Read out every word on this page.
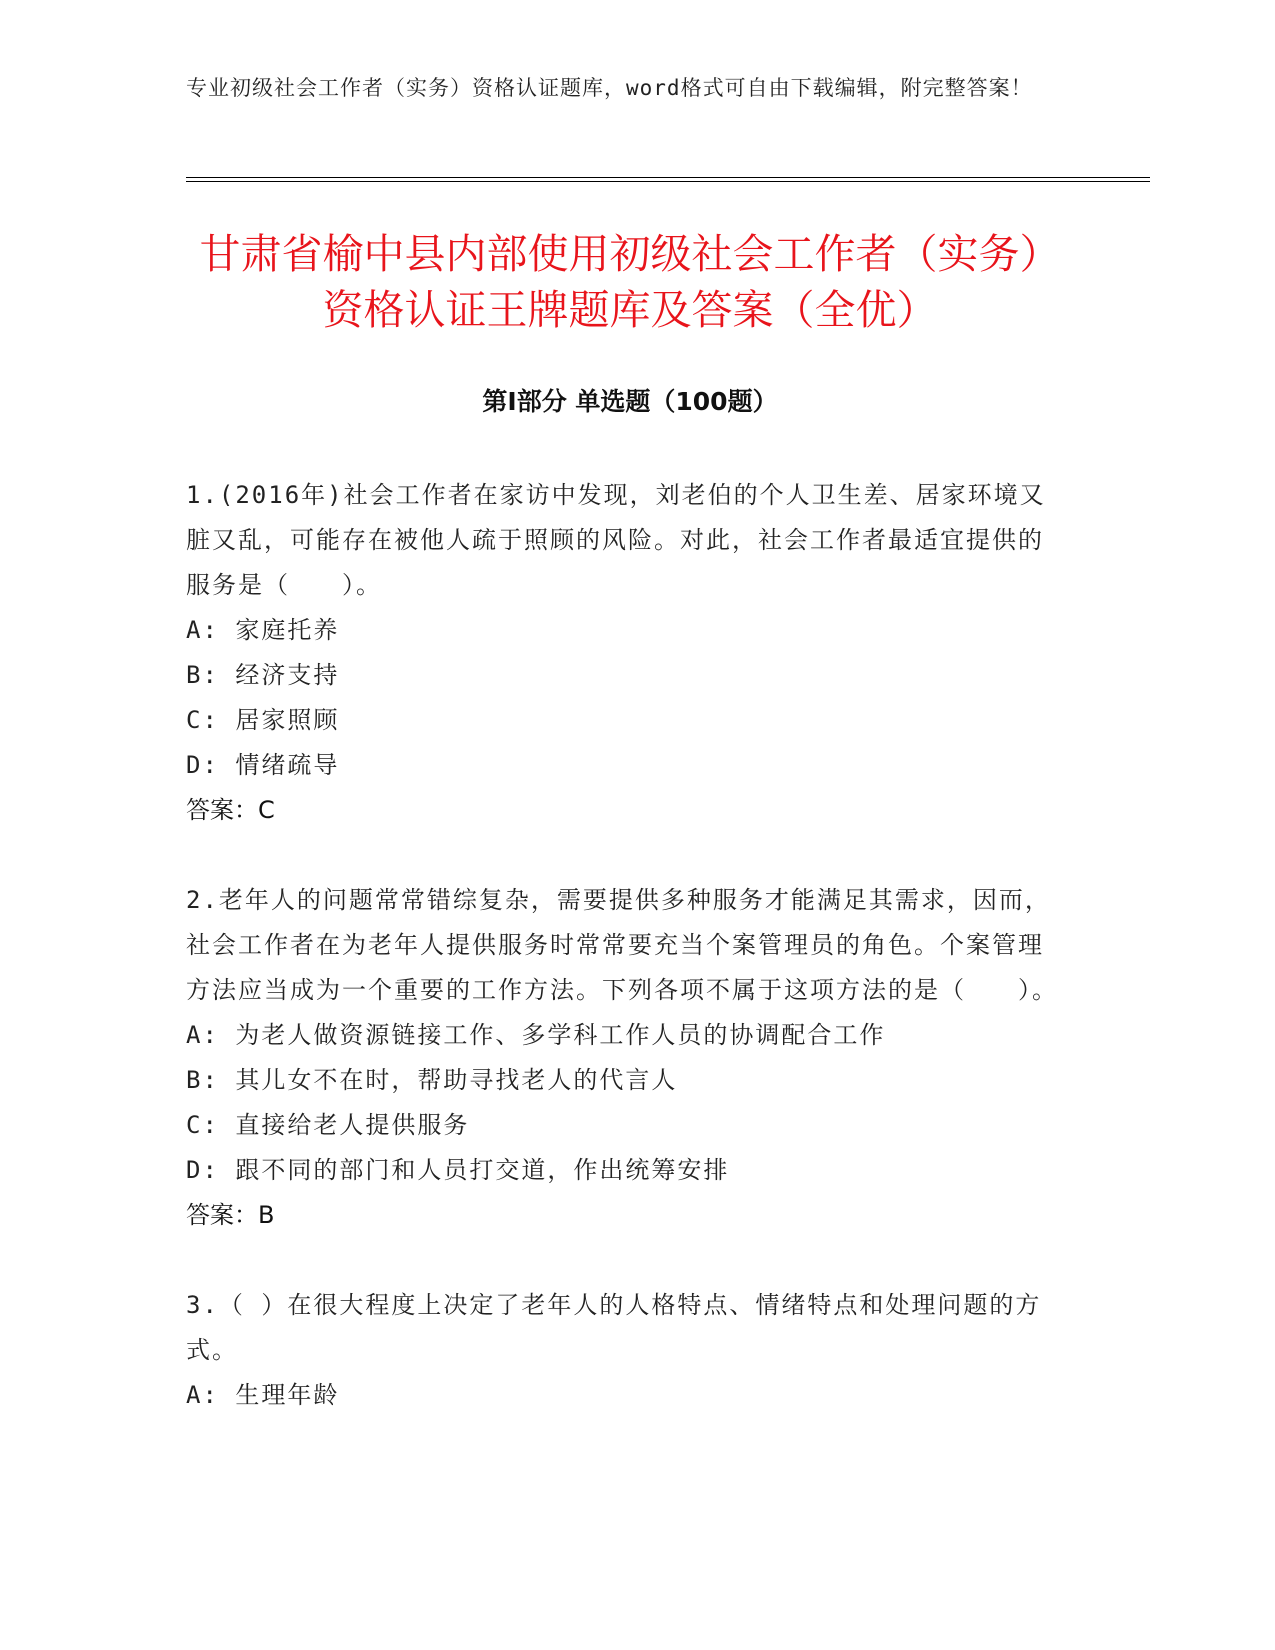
专业初级社会工作者（实务）资格认证题库，word格式可自由下载编辑，附完整答案！
甘肃省榆中县内部使用初级社会工作者（实务）资格认证王牌题库及答案（全优）
第Ⅰ部分 单选题（100题）
1.(2016年)社会工作者在家访中发现，刘老伯的个人卫生差、居家环境又脏又乱，可能存在被他人疏于照顾的风险。对此，社会工作者最适宜提供的服务是（　　）。
A: 家庭托养
B: 经济支持
C: 居家照顾
D: 情绪疏导
答案：C
2.老年人的问题常常错综复杂，需要提供多种服务才能满足其需求，因而，社会工作者在为老年人提供服务时常常要充当个案管理员的角色。个案管理方法应当成为一个重要的工作方法。下列各项不属于这项方法的是（　　）。
A: 为老人做资源链接工作、多学科工作人员的协调配合工作
B: 其儿女不在时，帮助寻找老人的代言人
C: 直接给老人提供服务
D: 跟不同的部门和人员打交道，作出统筹安排
答案：B
3.（ ）在很大程度上决定了老年人的人格特点、情绪特点和处理问题的方式。
A: 生理年龄
